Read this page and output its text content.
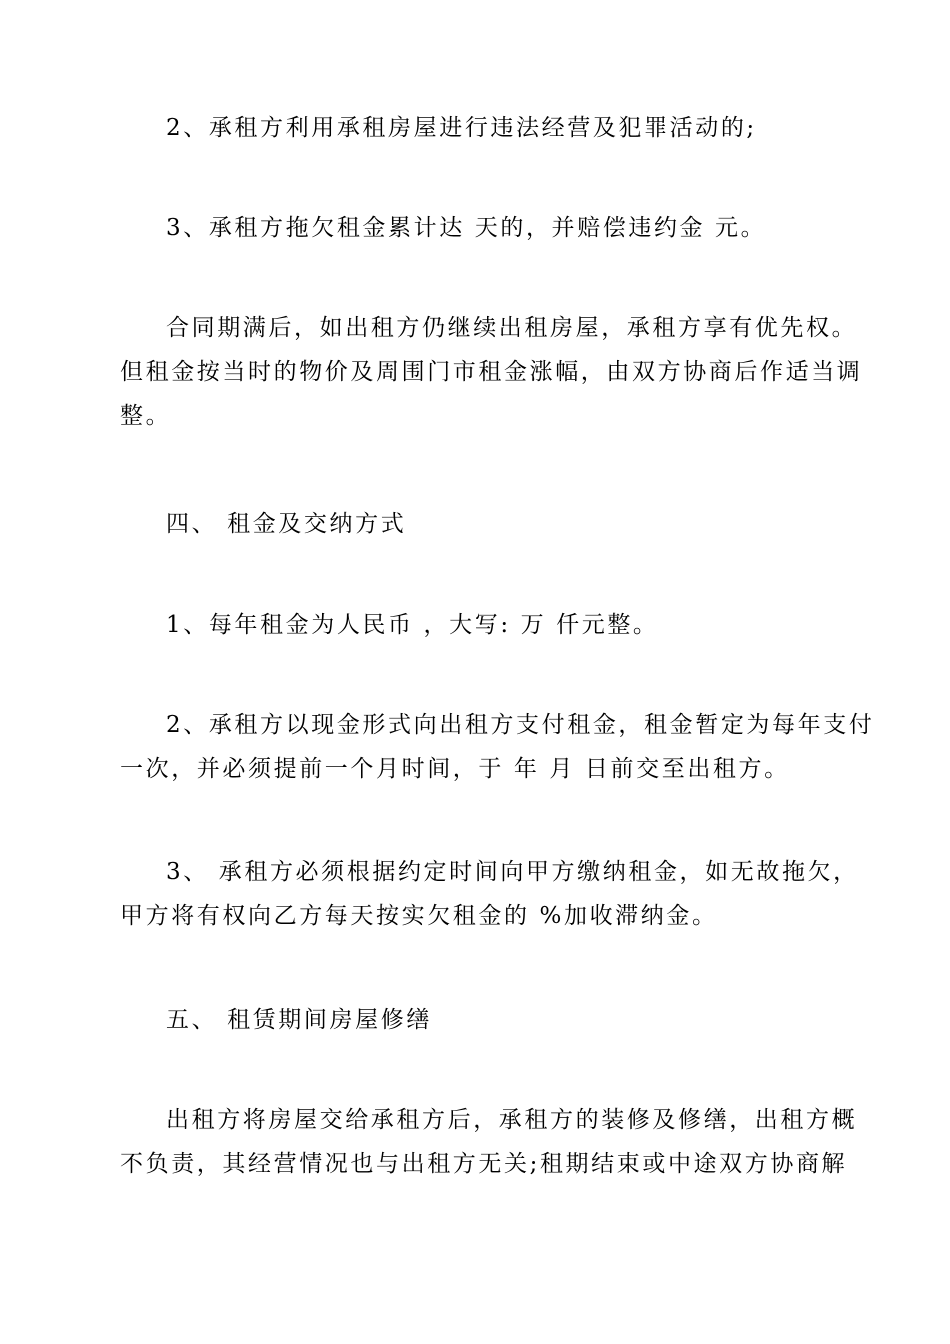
2、承租方利用承租房屋进行违法经营及犯罪活动的;

3、承租方拖欠租金累计达 天的，并赔偿违约金 元。

合同期满后，如出租方仍继续出租房屋，承租方享有优先权。
但租金按当时的物价及周围门市租金涨幅，由双方协商后作适当调
整。

四、 租金及交纳方式

1、每年租金为人民币 ，大写: 万 仟元整。

2、承租方以现金形式向出租方支付租金，租金暂定为每年支付
一次，并必须提前一个月时间，于 年 月 日前交至出租方。

3、 承租方必须根据约定时间向甲方缴纳租金，如无故拖欠，
甲方将有权向乙方每天按实欠租金的 %加收滞纳金。

五、 租赁期间房屋修缮

出租方将房屋交给承租方后，承租方的装修及修缮，出租方概
不负责，其经营情况也与出租方无关;租期结束或中途双方协商解
